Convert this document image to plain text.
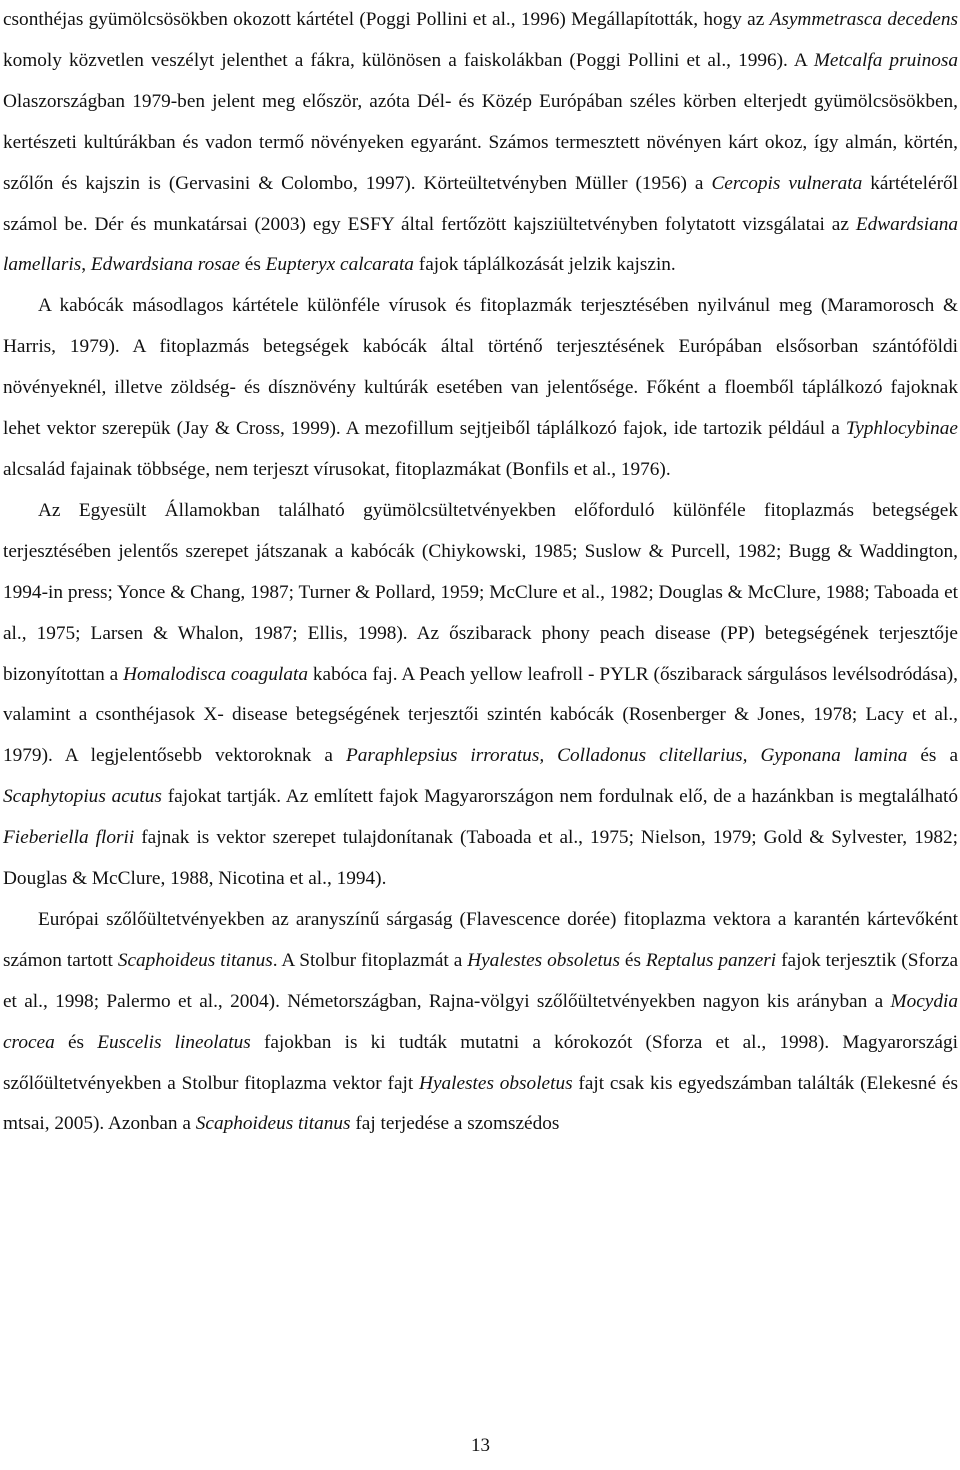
csonthéjas gyümölcsösökben okozott kártétel (Poggi Pollini et al., 1996) Megállapították, hogy az Asymmetrasca decedens komoly közvetlen veszélyt jelenthet a fákra, különösen a faiskolákban (Poggi Pollini et al., 1996). A Metcalfa pruinosa Olaszországban 1979-ben jelent meg először, azóta Dél- és Közép Európában széles körben elterjedt gyümölcsösökben, kertészeti kultúrákban és vadon termő növényeken egyaránt. Számos termesztett növényen kárt okoz, így almán, körtén, szőlőn és kajszin is (Gervasini & Colombo, 1997). Körteültetvényben Müller (1956) a Cercopis vulnerata kártételéről számol be. Dér és munkatársai (2003) egy ESFY által fertőzött kajsziültetvényben folytatott vizsgálatai az Edwardsiana lamellaris, Edwardsiana rosae és Eupteryx calcarata fajok táplálkozását jelzik kajszin.

A kabócák másodlagos kártétele különféle vírusok és fitoplazmák terjesztésében nyilvánul meg (Maramorosch & Harris, 1979). A fitoplazmás betegségek kabócák által történő terjesztésének Európában elsősorban szántóföldi növényeknél, illetve zöldség- és dísznövény kultúrák esetében van jelentősége. Főként a floemből táplálkozó fajoknak lehet vektor szerepük (Jay & Cross, 1999). A mezofillum sejtjeiből táplálkozó fajok, ide tartozik például a Typhlocybinae alcsalád fajainak többsége, nem terjeszt vírusokat, fitoplazmákat (Bonfils et al., 1976).

Az Egyesült Államokban található gyümölcsültetvényekben előforduló különféle fitoplazmás betegségek terjesztésében jelentős szerepet játszanak a kabócák (Chiykowski, 1985; Suslow & Purcell, 1982; Bugg & Waddington, 1994-in press; Yonce & Chang, 1987; Turner & Pollard, 1959; McClure et al., 1982; Douglas & McClure, 1988; Taboada et al., 1975; Larsen & Whalon, 1987; Ellis, 1998). Az őszibarack phony peach disease (PP) betegségének terjesztője bizonyítottan a Homalodisca coagulata kabóca faj. A Peach yellow leafroll - PYLR (őszibarack sárgulásos levélsodródása), valamint a csonthéjasok X- disease betegségének terjesztői szintén kabócák (Rosenberger & Jones, 1978; Lacy et al., 1979). A legjelentősebb vektoroknak a Paraphlepsius irroratus, Colladonus clitellarius, Gyponana lamina és a Scaphytopius acutus fajokat tartják. Az említett fajok Magyarországon nem fordulnak elő, de a hazánkban is megtalálható Fieberiella florii fajnak is vektor szerepet tulajdonítanak (Taboada et al., 1975; Nielson, 1979; Gold & Sylvester, 1982; Douglas & McClure, 1988, Nicotina et al., 1994).

Európai szőlőültetvényekben az aranyszínű sárgaság (Flavescence dorée) fitoplazma vektora a karantén kártevőként számon tartott Scaphoideus titanus. A Stolbur fitoplazmát a Hyalestes obsoletus és Reptalus panzeri fajok terjesztik (Sforza et al., 1998; Palermo et al., 2004). Németországban, Rajna-völgyi szőlőültetvényekben nagyon kis arányban a Mocydia crocea és Euscelis lineolatus fajokban is ki tudták mutatni a kórokozót (Sforza et al., 1998). Magyarországi szőlőültetvényekben a Stolbur fitoplazma vektor fajt Hyalestes obsoletus fajt csak kis egyedszámban találták (Elekesné és mtsai, 2005). Azonban a Scaphoideus titanus faj terjedése a szomszédos

13
